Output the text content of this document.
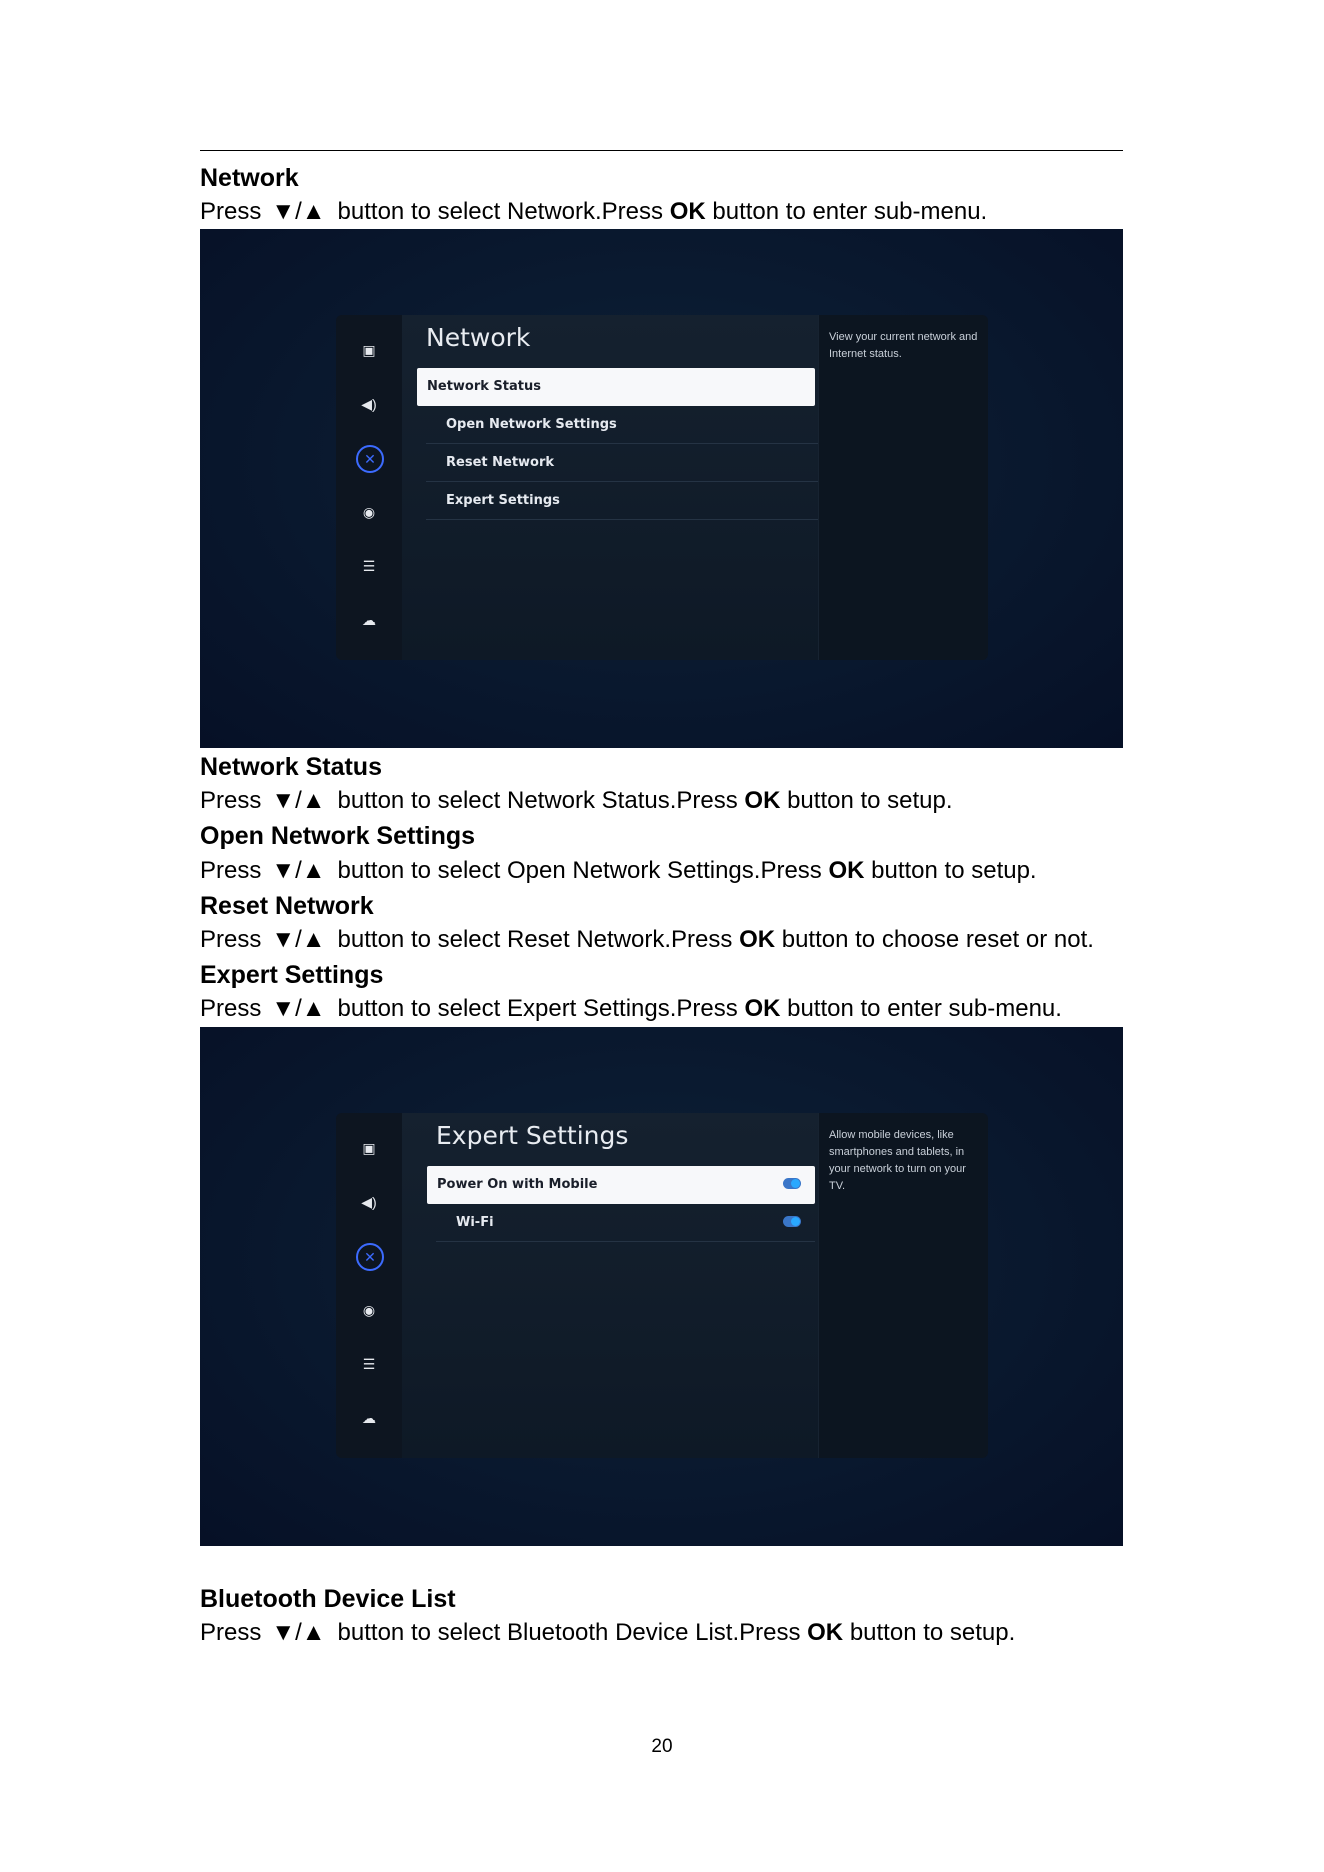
Network

Press ▼/▲ button to select Network.Press OK button to enter sub-menu.

▣
◀)
✕
◉
☰
☁
Network
Network Status
Open Network Settings
Reset Network
Expert Settings
View your current network and Internet status.
Network Status

Press ▼/▲ button to select Network Status.Press OK button to setup.

Open Network Settings

Press ▼/▲ button to select Open Network Settings.Press OK button to setup.

Reset Network

Press ▼/▲ button to select Reset Network.Press OK button to choose reset or not.

Expert Settings

Press ▼/▲ button to select Expert Settings.Press OK button to enter sub-menu.

▣
◀)
✕
◉
☰
☁
Expert Settings
Power On with Mobile
Wi-Fi
Allow mobile devices, like smartphones and tablets, in your network to turn on your TV.
Bluetooth Device List

Press ▼/▲ button to select Bluetooth Device List.Press OK button to setup.

20
